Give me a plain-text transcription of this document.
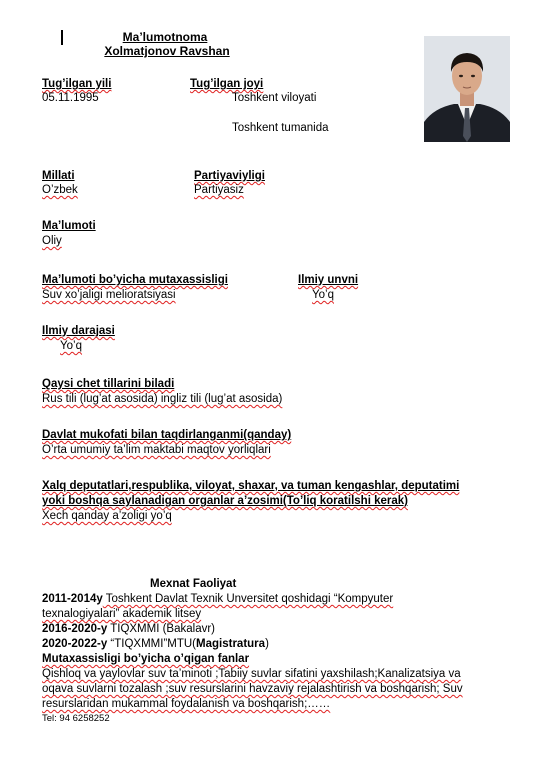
Ma’lumotnoma
Xolmatjonov Ravshan
Tug’ilgan yili
05.11.1995
Tug’ilgan joyi
Toshkent viloyati
Toshkent tumanida
Millati
O’zbek
Partiyaviyligi
Partiyasiz
Ma’lumoti
Oliy
Ma’lumoti bo’yicha mutaxassisligi
Suv xo’jaligi melioratsiyasi
Ilmiy unvni
Yo’q
Ilmiy darajasi
Yo’q
Qaysi chet tillarini biladi
Rus tili (lug’at asosida) ingliz tili (lug’at asosida)
Davlat mukofati bilan taqdirlanganmi(qanday)
O’rta umumiy ta’lim maktabi maqtov yorliqlari
Xalq deputatlari,respublika, viloyat, shaxar, va tuman kengashlar, deputatimi
yoki boshqa saylanadigan organlar a’zosimi(To’liq koratilshi kerak)
Xech qanday a’zoligi yo’q
Mexnat Faoliyat
2011-2014y Toshkent Davlat Texnik Unversitet qoshidagi “Kompyuter
texnalogiyalari” akademik litsey
2016-2020-y TIQXMMI (Bakalavr)
2020-2022-y “TIQXMMI”MTU(Magistratura)
Mutaxassisligi bo’yicha o’qigan fanlar
Qishloq va yaylovlar suv ta’minoti ;Tabiiy suvlar sifatini yaxshilash;Kanalizatsiya va
oqava suvlarni tozalash ;suv resurslarini havzaviy rejalashtirish va boshqarish; Suv
resurslaridan mukammal foydalanish va boshqarish;……
Tel: 94 6258252
